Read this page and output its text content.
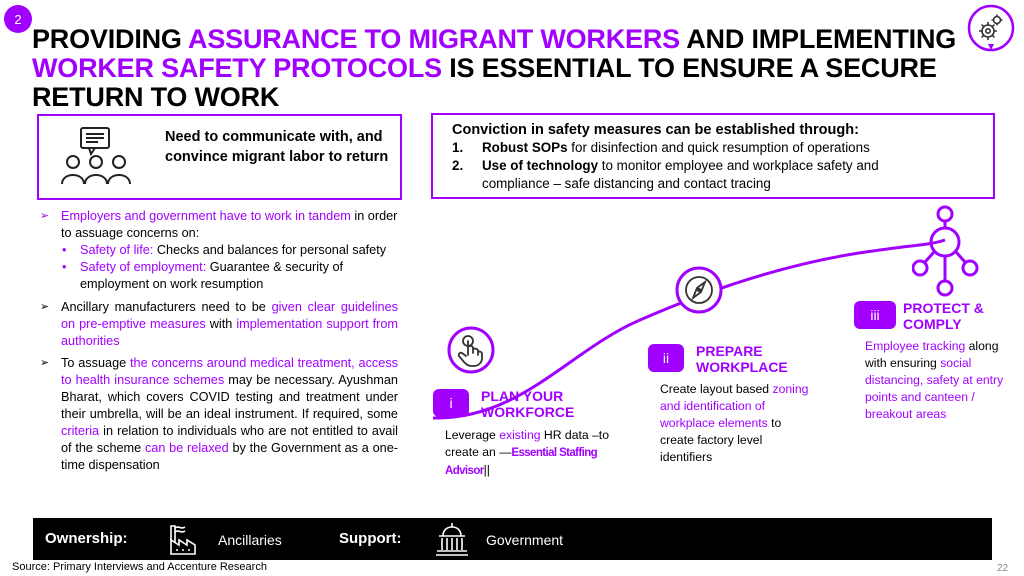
2
PROVIDING ASSURANCE TO MIGRANT WORKERS AND IMPLEMENTING WORKER SAFETY PROTOCOLS IS ESSENTIAL TO ENSURE A SECURE RETURN TO WORK
Need to communicate with, and convince migrant labor to return
Conviction in safety measures can be established through:
1.	Robust SOPs for disinfection and quick resumption of operations
2.	Use of technology to monitor employee and workplace safety and
compliance – safe distancing and contact tracing
➢ Employers and government have to work in tandem in order to assuage concerns on:
• Safety of life: Checks and balances for personal safety
• Safety of employment: Guarantee & security of employment on work resumption
➢ Ancillary manufacturers need to be given clear guidelines on pre-emptive measures with implementation support from authorities
➢ To assuage the concerns around medical treatment, access to health insurance schemes may be necessary. Ayushman Bharat, which covers COVID testing and treatment under their umbrella, will be an ideal instrument. If required, some criteria in relation to individuals who are not entitled to avail of the scheme can be relaxed by the Government as a one-time dispensation
i PLAN YOUR WORKFORCE
Leverage existing HR data –to create an —Essential Staffing Advisor||
ii PREPARE WORKPLACE
Create layout based zoning and identification of workplace elements to create factory level identifiers
iii PROTECT & COMPLY
Employee tracking along with ensuring social distancing, safety at entry points and canteen / breakout areas
Ownership:	Ancillaries	Support:	Government
Source: Primary Interviews and Accenture Research	22
